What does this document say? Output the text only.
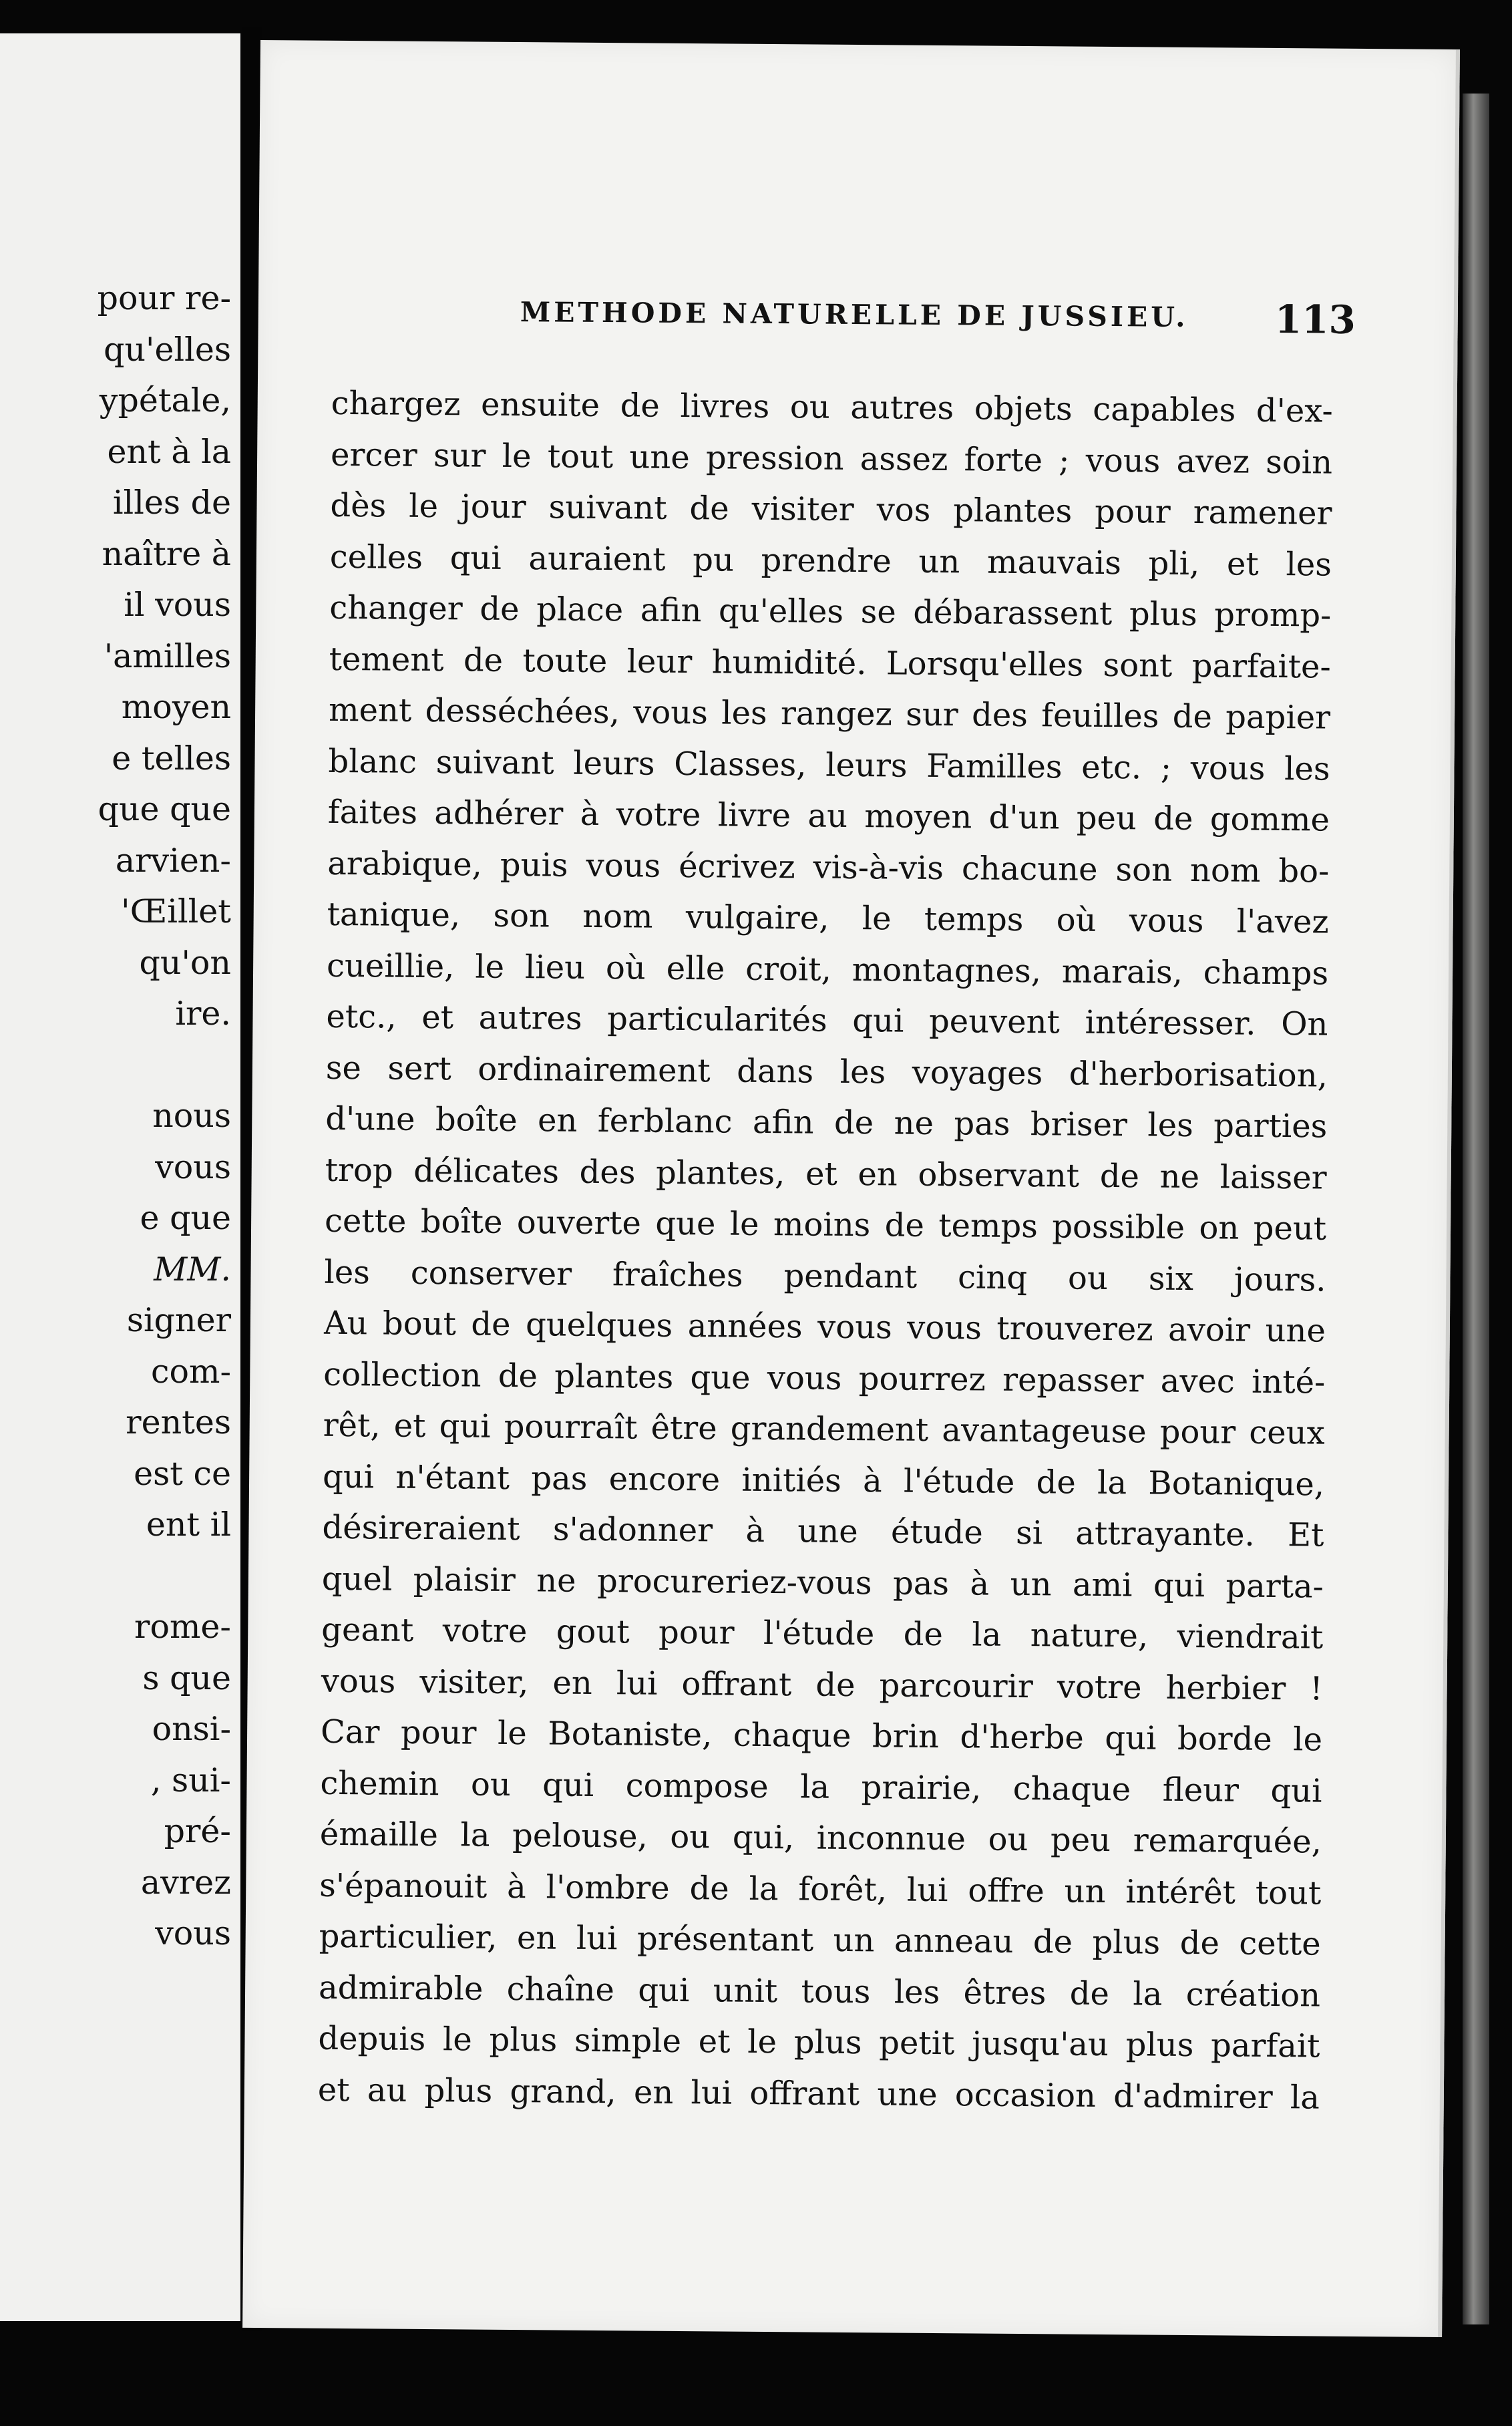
pour re-
qu'elles
ypétale,
ent à la
illes de
naître à
il vous
'amilles
moyen
e telles
que que
arvien-
'Œillet
qu'on
ire.
nous
vous
e que
MM.
signer
com-
rentes
est ce
ent il
rome-
s que
onsi-
, sui-
pré-
avrez
vous
METHODE NATURELLE DE JUSSIEU.	113
chargez ensuite de livres ou autres objets capables d'ex-
ercer sur le tout une pression assez forte ; vous avez soin
dès le jour suivant de visiter vos plantes pour ramener
celles qui auraient pu prendre un mauvais pli, et les
changer de place afin qu'elles se débarassent plus promp-
tement de toute leur humidité. Lorsqu'elles sont parfaite-
ment desséchées, vous les rangez sur des feuilles de papier
blanc suivant leurs Classes, leurs Familles etc. ; vous les
faites adhérer à votre livre au moyen d'un peu de gomme
arabique, puis vous écrivez vis-à-vis chacune son nom bo-
tanique, son nom vulgaire, le temps où vous l'avez
cueillie, le lieu où elle croit, montagnes, marais, champs
etc., et autres particularités qui peuvent intéresser. On
se sert ordinairement dans les voyages d'herborisation,
d'une boîte en ferblanc afin de ne pas briser les parties
trop délicates des plantes, et en observant de ne laisser
cette boîte ouverte que le moins de temps possible on peut
les conserver fraîches pendant cinq ou six jours.
Au bout de quelques années vous vous trouverez avoir une
collection de plantes que vous pourrez repasser avec inté-
rêt, et qui pourraît être grandement avantageuse pour ceux
qui n'étant pas encore initiés à l'étude de la Botanique,
désireraient s'adonner à une étude si attrayante. Et
quel plaisir ne procureriez-vous pas à un ami qui parta-
geant votre gout pour l'étude de la nature, viendrait
vous visiter, en lui offrant de parcourir votre herbier !
Car pour le Botaniste, chaque brin d'herbe qui borde le
chemin ou qui compose la prairie, chaque fleur qui
émaille la pelouse, ou qui, inconnue ou peu remarquée,
s'épanouit à l'ombre de la forêt, lui offre un intérêt tout
particulier, en lui présentant un anneau de plus de cette
admirable chaîne qui unit tous les êtres de la création
depuis le plus simple et le plus petit jusqu'au plus parfait
et au plus grand, en lui offrant une occasion d'admirer la
